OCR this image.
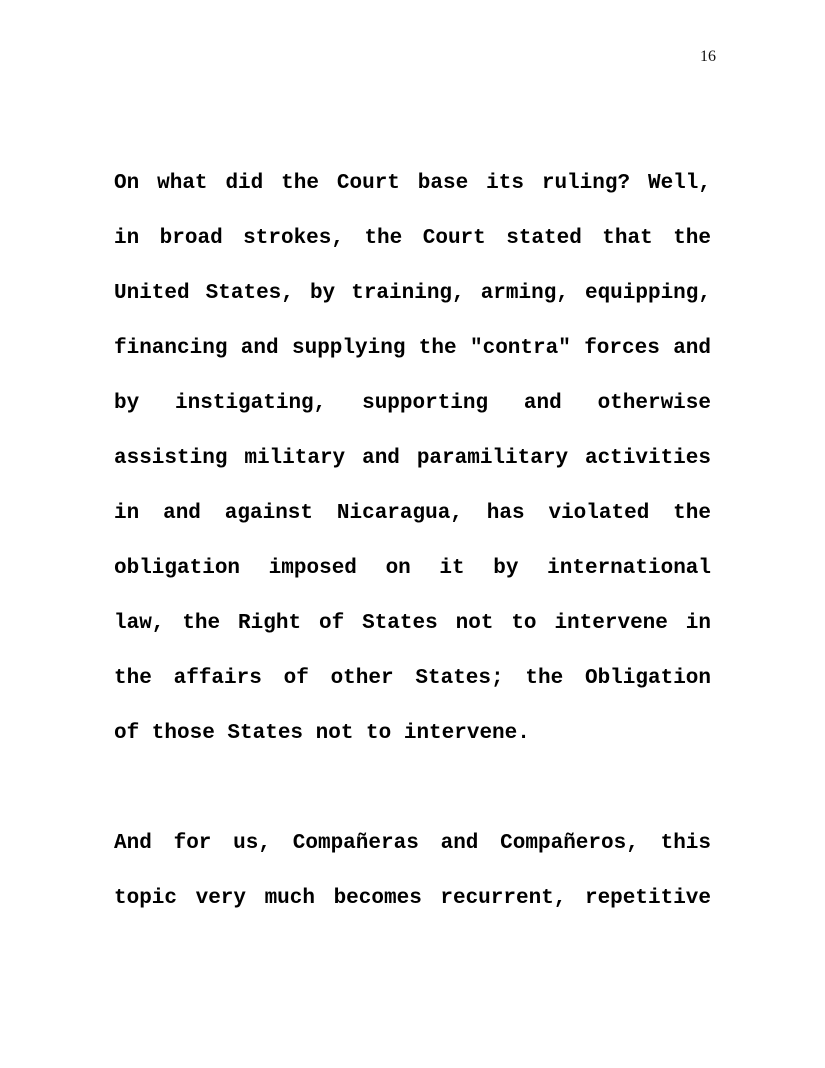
16
On what did the Court base its ruling? Well,
in broad strokes, the Court stated that the
United States, by training, arming, equipping,
financing and supplying the "contra" forces and
by instigating, supporting and otherwise
assisting military and paramilitary activities
in and against Nicaragua, has violated the
obligation imposed on it by international
law, the Right of States not to intervene in
the affairs of other States; the Obligation
of those States not to intervene.
And for us, Compañeras and Compañeros, this
topic very much becomes recurrent, repetitive
